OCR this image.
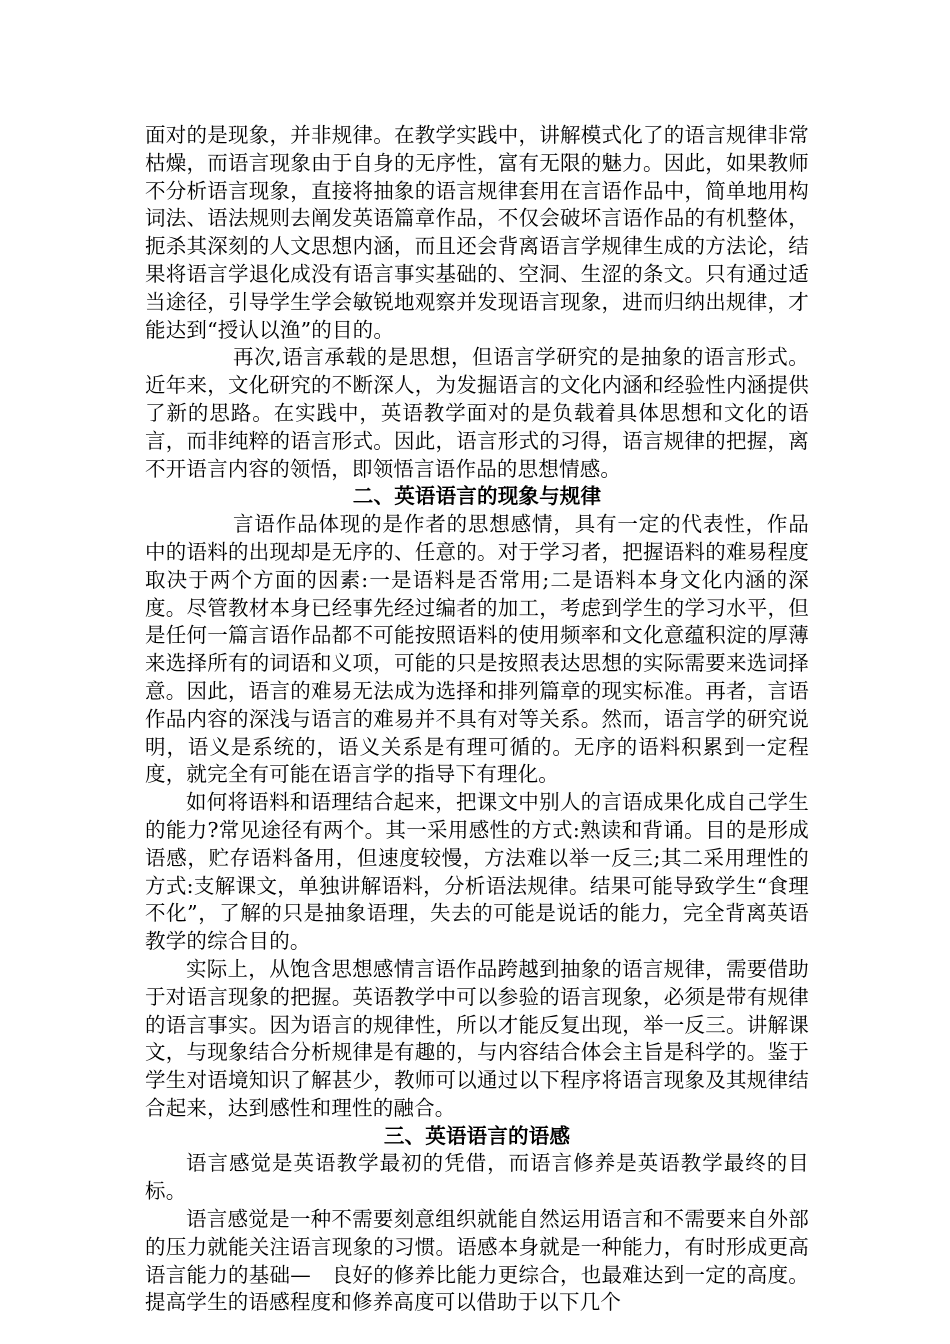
面对的是现象，并非规律。在教学实践中，讲解模式化了的语言规律非常枯燥，而语言现象由于自身的无序性，富有无限的魅力。因此，如果教师不分析语言现象，直接将抽象的语言规律套用在言语作品中，简单地用构词法、语法规则去阐发英语篇章作品，不仅会破坏言语作品的有机整体，扼杀其深刻的人文思想内涵，而且还会背离语言学规律生成的方法论，结果将语言学退化成没有语言事实基础的、空洞、生涩的条文。只有通过适当途径，引导学生学会敏锐地观察并发现语言现象，进而归纳出规律，才能达到“授认以渔”的目的。

再次,语言承载的是思想，但语言学研究的是抽象的语言形式。近年来，文化研究的不断深人，为发掘语言的文化内涵和经验性内涵提供了新的思路。在实践中，英语教学面对的是负载着具体思想和文化的语言，而非纯粹的语言形式。因此，语言形式的习得，语言规律的把握，离不开语言内容的领悟，即领悟言语作品的思想情感。

二、英语语言的现象与规律

言语作品体现的是作者的思想感情，具有一定的代表性，作品中的语料的出现却是无序的、任意的。对于学习者，把握语料的难易程度取决于两个方面的因素:一是语料是否常用;二是语料本身文化内涵的深度。尽管教材本身已经事先经过编者的加工，考虑到学生的学习水平，但是任何一篇言语作品都不可能按照语料的使用频率和文化意蕴积淀的厚薄来选择所有的词语和义项，可能的只是按照表达思想的实际需要来选词择意。因此，语言的难易无法成为选择和排列篇章的现实标准。再者，言语作品内容的深浅与语言的难易并不具有对等关系。然而，语言学的研究说明，语义是系统的，语义关系是有理可循的。无序的语料积累到一定程度，就完全有可能在语言学的指导下有理化。

如何将语料和语理结合起来，把课文中别人的言语成果化成自己学生的能力?常见途径有两个。其一采用感性的方式:熟读和背诵。目的是形成语感，贮存语料备用，但速度较慢，方法难以举一反三;其二采用理性的方式:支解课文，单独讲解语料，分析语法规律。结果可能导致学生“食理不化”，了解的只是抽象语理，失去的可能是说话的能力，完全背离英语教学的综合目的。

实际上，从饱含思想感情言语作品跨越到抽象的语言规律，需要借助于对语言现象的把握。英语教学中可以参验的语言现象，必须是带有规律的语言事实。因为语言的规律性，所以才能反复出现，举一反三。讲解课文，与现象结合分析规律是有趣的，与内容结合体会主旨是科学的。鉴于学生对语境知识了解甚少，教师可以通过以下程序将语言现象及其规律结合起来，达到感性和理性的融合。

三、英语语言的语感

语言感觉是英语教学最初的凭借，而语言修养是英语教学最终的目标。

语言感觉是一种不需要刻意组织就能自然运用语言和不需要来自外部的压力就能关注语言现象的习惯。语感本身就是一种能力，有时形成更高语言能力的基础—　良好的修养比能力更综合，也最难达到一定的高度。提高学生的语感程度和修养高度可以借助于以下几个
